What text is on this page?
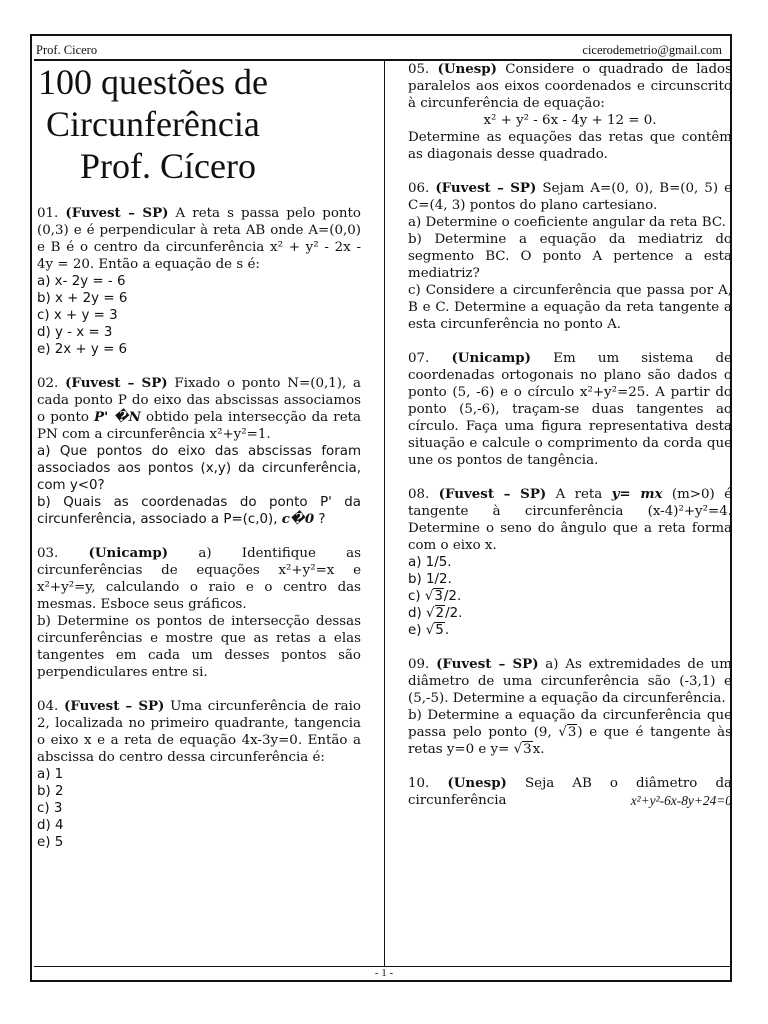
Prof. Cicero	cicerodemetrio@gmail.com
100 questões de
Circunferência
Prof. Cícero

01. (Fuvest – SP) A reta s passa pelo ponto (0,3) e é perpendicular à reta AB onde A=(0,0) e B é o centro da circunferência x² + y² - 2x - 4y = 20. Então a equação de s é:

a) x- 2y = - 6

b) x + 2y = 6

c) x + y = 3

d) y - x = 3

e) 2x + y = 6

02. (Fuvest – SP) Fixado o ponto N=(0,1), a cada ponto P do eixo das abscissas associamos o ponto P' �N obtido pela intersecção da reta PN com a circunferência x²+y²=1.

a) Que pontos do eixo das abscissas foram associados aos pontos (x,y) da circunferência, com y<0?

b) Quais as coordenadas do ponto P' da circunferência, associado a P=(c,0), c�0 ?

03. (Unicamp) a) Identifique as circunferências de equações x²+y²=x e x²+y²=y, calculando o raio e o centro das mesmas. Esboce seus gráficos.

b) Determine os pontos de intersecção dessas circunferências e mostre que as retas a elas tangentes em cada um desses pontos são perpendiculares entre si.

04. (Fuvest – SP) Uma circunferência de raio 2, localizada no primeiro quadrante, tangencia o eixo x e a reta de equação 4x-3y=0. Então a abscissa do centro dessa circunferência é:

a) 1

b) 2

c) 3

d) 4

e) 5

05. (Unesp) Considere o quadrado de lados paralelos aos eixos coordenados e circunscrito à circunferência de equação:

x² + y² - 6x - 4y + 12 = 0.

Determine as equações das retas que contêm as diagonais desse quadrado.

06. (Fuvest – SP) Sejam A=(0, 0), B=(0, 5) e C=(4, 3) pontos do plano cartesiano.

a) Determine o coeficiente angular da reta BC.

b) Determine a equação da mediatriz do segmento BC. O ponto A pertence a esta mediatriz?

c) Considere a circunferência que passa por A, B e C. Determine a equação da reta tangente a esta circunferência no ponto A.

07. (Unicamp) Em um sistema de coordenadas ortogonais no plano são dados o ponto (5, -6) e o círculo x²+y²=25. A partir do ponto (5,-6), traçam-se duas tangentes ao círculo. Faça uma figura representativa desta situação e calcule o comprimento da corda que une os pontos de tangência.

08. (Fuvest – SP) A reta y= mx (m>0) é tangente à circunferência (x-4)²+y²=4. Determine o seno do ângulo que a reta forma com o eixo x.

a) 1/5.

b) 1/2.

c) √3/2.

d) √2/2.

e) √5.

09. (Fuvest – SP) a) As extremidades de um diâmetro de uma circunferência são (-3,1) e (5,-5). Determine a equação da circunferência.

b) Determine a equação da circunferência que passa pelo ponto (9, √3) e que é tangente às retas y=0 e y= √3x.

10. (Unesp) Seja AB o diâmetro da circunferência	x²+y²-6x-8y+24=0

- 1 -
